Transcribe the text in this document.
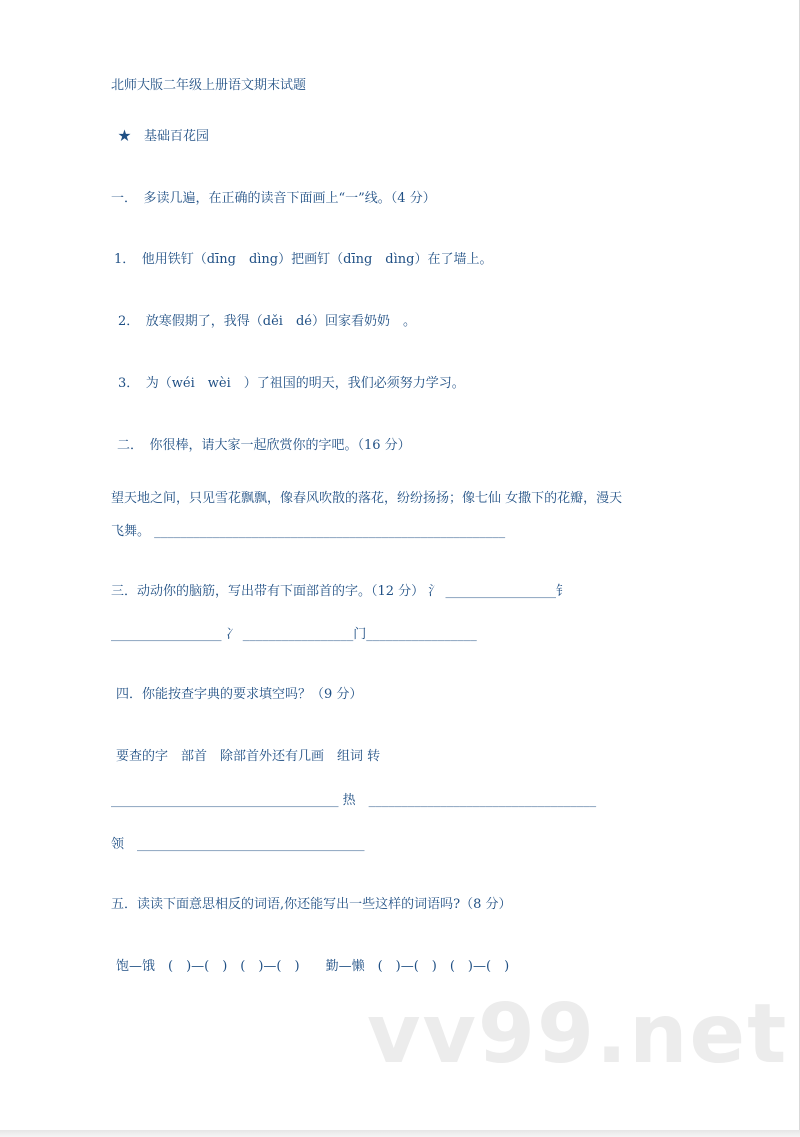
北师大版二年级上册语文期末试题
★　基础百花园
一．　多读几遍，在正确的读音下面画上“一”线。（4 分）
1．　他用铁钉（dīng　dìng）把画钉（dīng　dìng）在了墙上。
2．　放寒假期了，我得（děi　dé）回家看奶奶　。
3．　为（wéi　wèi　）了祖国的明天，我们必须努力学习。
二．　你很棒，请大家一起欣赏你的字吧。（16 分）
望天地之间，只见雪花飘飘，像春风吹散的落花，纷纷扬扬；像七仙 女撒下的花瓣，漫天
飞舞。 ______________________________________________________
三．动动你的脑筋，写出带有下面部首的字。（12 分） 氵 _________________钅
_________________ 冫 _________________门_________________
四．你能按查字典的要求填空吗？（9 分）
要查的字　部首　除部首外还有几画　组词 转
___________________________________ 热　___________________________________
领　___________________________________
五．读读下面意思相反的词语,你还能写出一些这样的词语吗?（8 分）
饱—饿　(　)—(　)　(　)—(　)　　勤—懒　(　)—(　)　(　)—(　)
vv99.net
